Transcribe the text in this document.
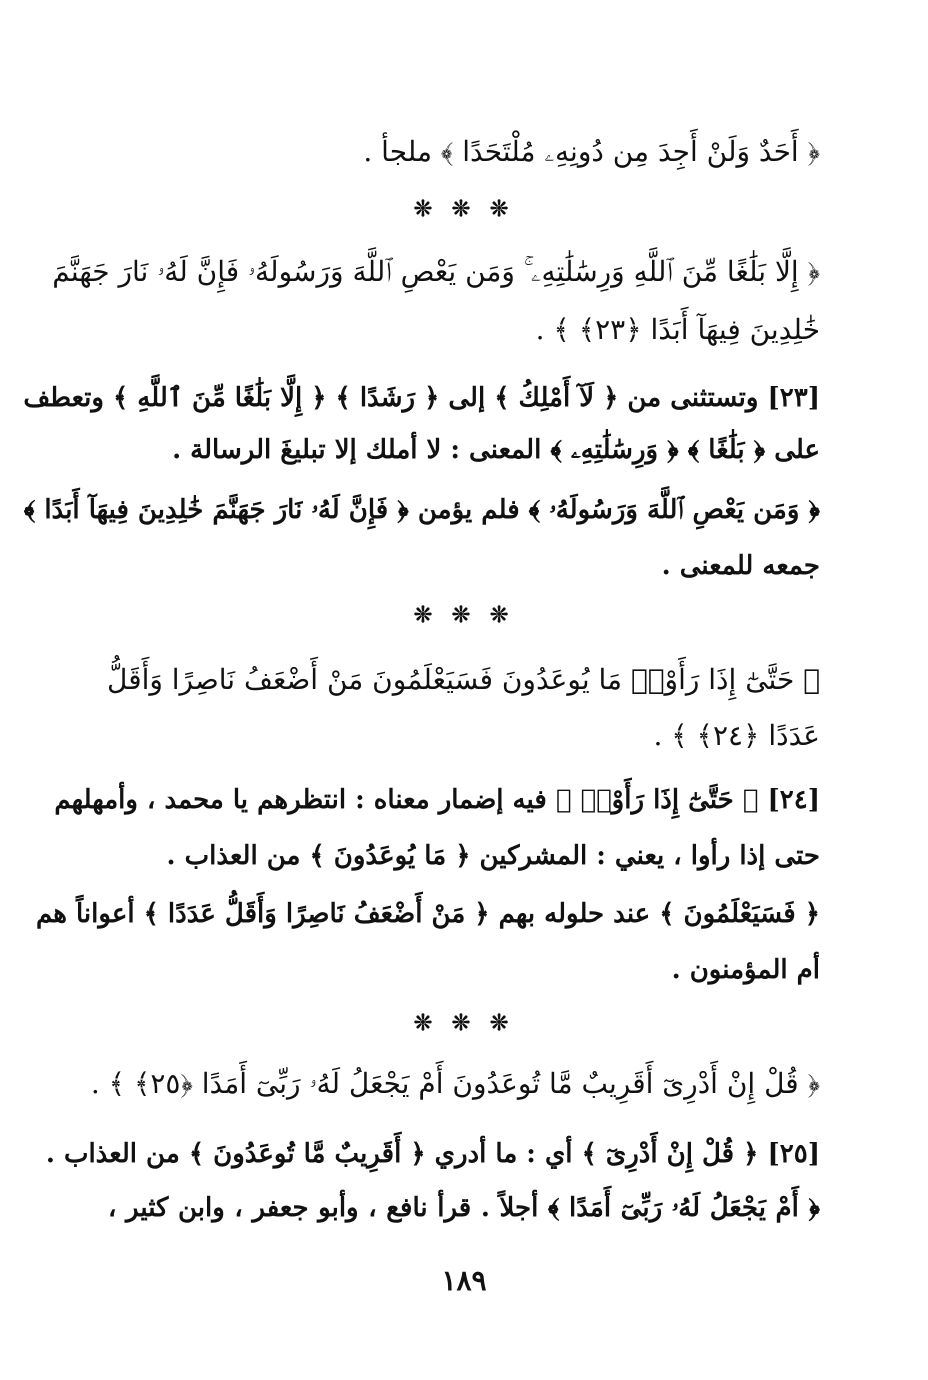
﴿ أَحَدٌ وَلَنْ أَجِدَ مِن دُونِهِۦ مُلْتَحَدًا ﴾ ملجأ .
❊ ❊ ❊
﴿ إِلَّا بَلَٰغًا مِّنَ ٱللَّهِ وَرِسَٰلَٰتِهِۦ ۚ وَمَن يَعْصِ ٱللَّهَ وَرَسُولَهُۥ فَإِنَّ لَهُۥ نَارَ جَهَنَّمَ
خَٰلِدِينَ فِيهَآ أَبَدًا ﴿٢٣﴾ ﴾ .
[٢٣] وتستثنى من ﴿ لَآ أَمْلِكُ ﴾ إلى ﴿ رَشَدًا ﴾ ﴿ إِلَّا بَلَٰغًا مِّنَ ٱللَّهِ ﴾ وتعطف
على ﴿ بَلَٰغًا ﴾ ﴿ وَرِسَٰلَٰتِهِۦ ﴾ المعنى : لا أملك إلا تبليغَ الرسالة .
﴿ وَمَن يَعْصِ ٱللَّهَ وَرَسُولَهُۥ ﴾ فلم يؤمن ﴿ فَإِنَّ لَهُۥ نَارَ جَهَنَّمَ خَٰلِدِينَ فِيهَآ أَبَدًا ﴾
جمعه للمعنى .
❊ ❊ ❊
﴿ حَتَّىٰٓ إِذَا رَأَوْا۟ مَا يُوعَدُونَ فَسَيَعْلَمُونَ مَنْ أَضْعَفُ نَاصِرًا وَأَقَلُّ
عَدَدًا ﴿٢٤﴾ ﴾ .
[٢٤] ﴿ حَتَّىٰٓ إِذَا رَأَوْا۟ ﴾ فيه إضمار معناه : انتظرهم يا محمد ، وأمهلهم
حتى إذا رأوا ، يعني : المشركين ﴿ مَا يُوعَدُونَ ﴾ من العذاب .
﴿ فَسَيَعْلَمُونَ ﴾ عند حلوله بهم ﴿ مَنْ أَضْعَفُ نَاصِرًا وَأَقَلُّ عَدَدًا ﴾ أعواناً هم
أم المؤمنون .
❊ ❊ ❊
﴿ قُلْ إِنْ أَدْرِىٓ أَقَرِيبٌ مَّا تُوعَدُونَ أَمْ يَجْعَلُ لَهُۥ رَبِّىٓ أَمَدًا ﴿٢٥﴾ ﴾ .
[٢٥] ﴿ قُلْ إِنْ أَدْرِىٓ ﴾ أي : ما أدري ﴿ أَقَرِيبٌ مَّا تُوعَدُونَ ﴾ من العذاب .
﴿ أَمْ يَجْعَلُ لَهُۥ رَبِّىٓ أَمَدًا ﴾ أجلاً . قرأ نافع ، وأبو جعفر ، وابن كثير ،
١٨٩
